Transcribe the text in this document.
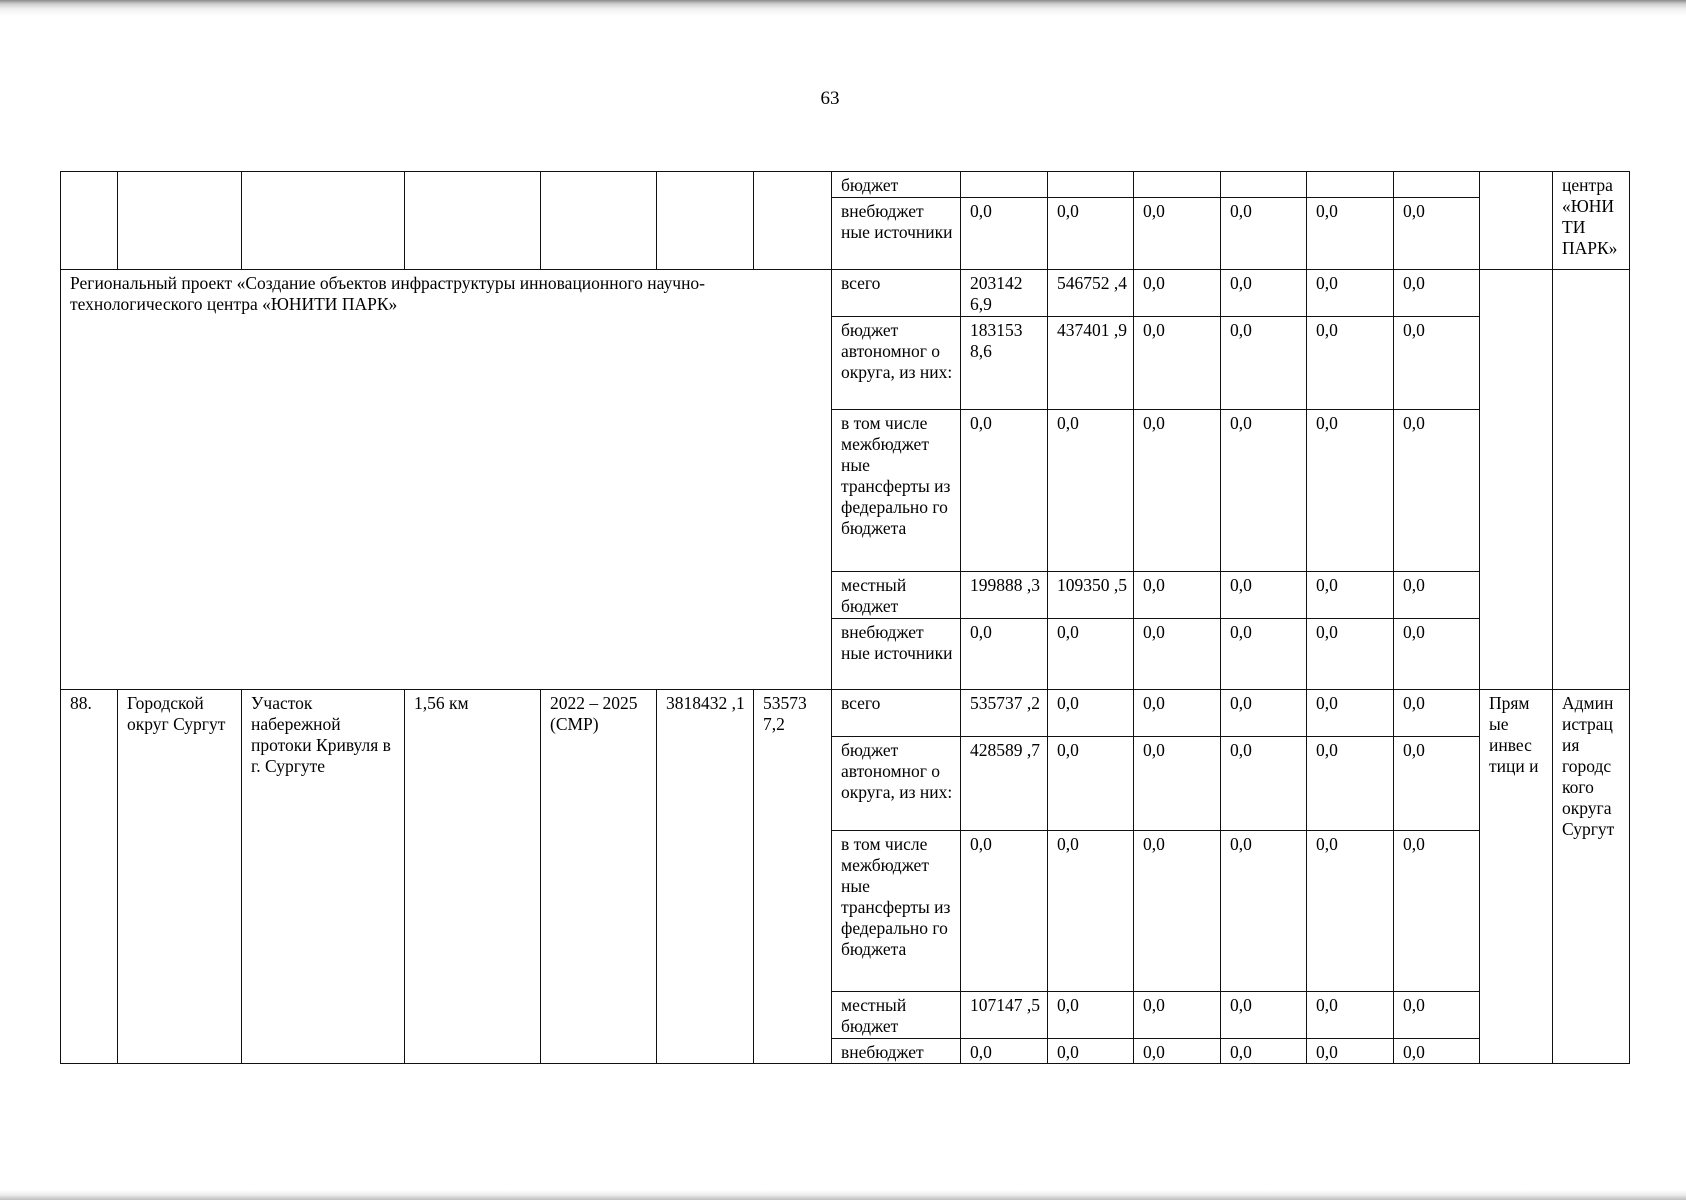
63
							бюджет								центра «ЮНИ ТИ ПАРК»
							внебюджет ные источники	0,0	0,0	0,0	0,0	0,0	0,0		
Региональный проект «Создание объектов инфраструктуры инновационного научно-технологического центра «ЮНИТИ ПАРК»							всего	203142 6,9	546752 ,4	0,0	0,0	0,0	0,0		
							бюджет автономног о округа, из них:	183153 8,6	437401 ,9	0,0	0,0	0,0	0,0		
							в том числе межбюджет ные трансферты из федерально го бюджета	0,0	0,0	0,0	0,0	0,0	0,0		
							местный бюджет	199888 ,3	109350 ,5	0,0	0,0	0,0	0,0		
							внебюджет ные источники	0,0	0,0	0,0	0,0	0,0	0,0		
88.	Городской округ Сургут	Участок набережной протоки Кривуля в г. Сургуте	1,56 км	2022 – 2025 (СМР)	3818432 ,1	53573 7,2	всего	535737 ,2	0,0	0,0	0,0	0,0	0,0	Прям ые инвес тици и	Админ истрац ия городс кого округа Сургут
							бюджет автономног о округа, из них:	428589 ,7	0,0	0,0	0,0	0,0	0,0		
							в том числе межбюджет ные трансферты из федерально го бюджета	0,0	0,0	0,0	0,0	0,0	0,0		
							местный бюджет	107147 ,5	0,0	0,0	0,0	0,0	0,0		
							внебюджет	0,0	0,0	0,0	0,0	0,0	0,0		
